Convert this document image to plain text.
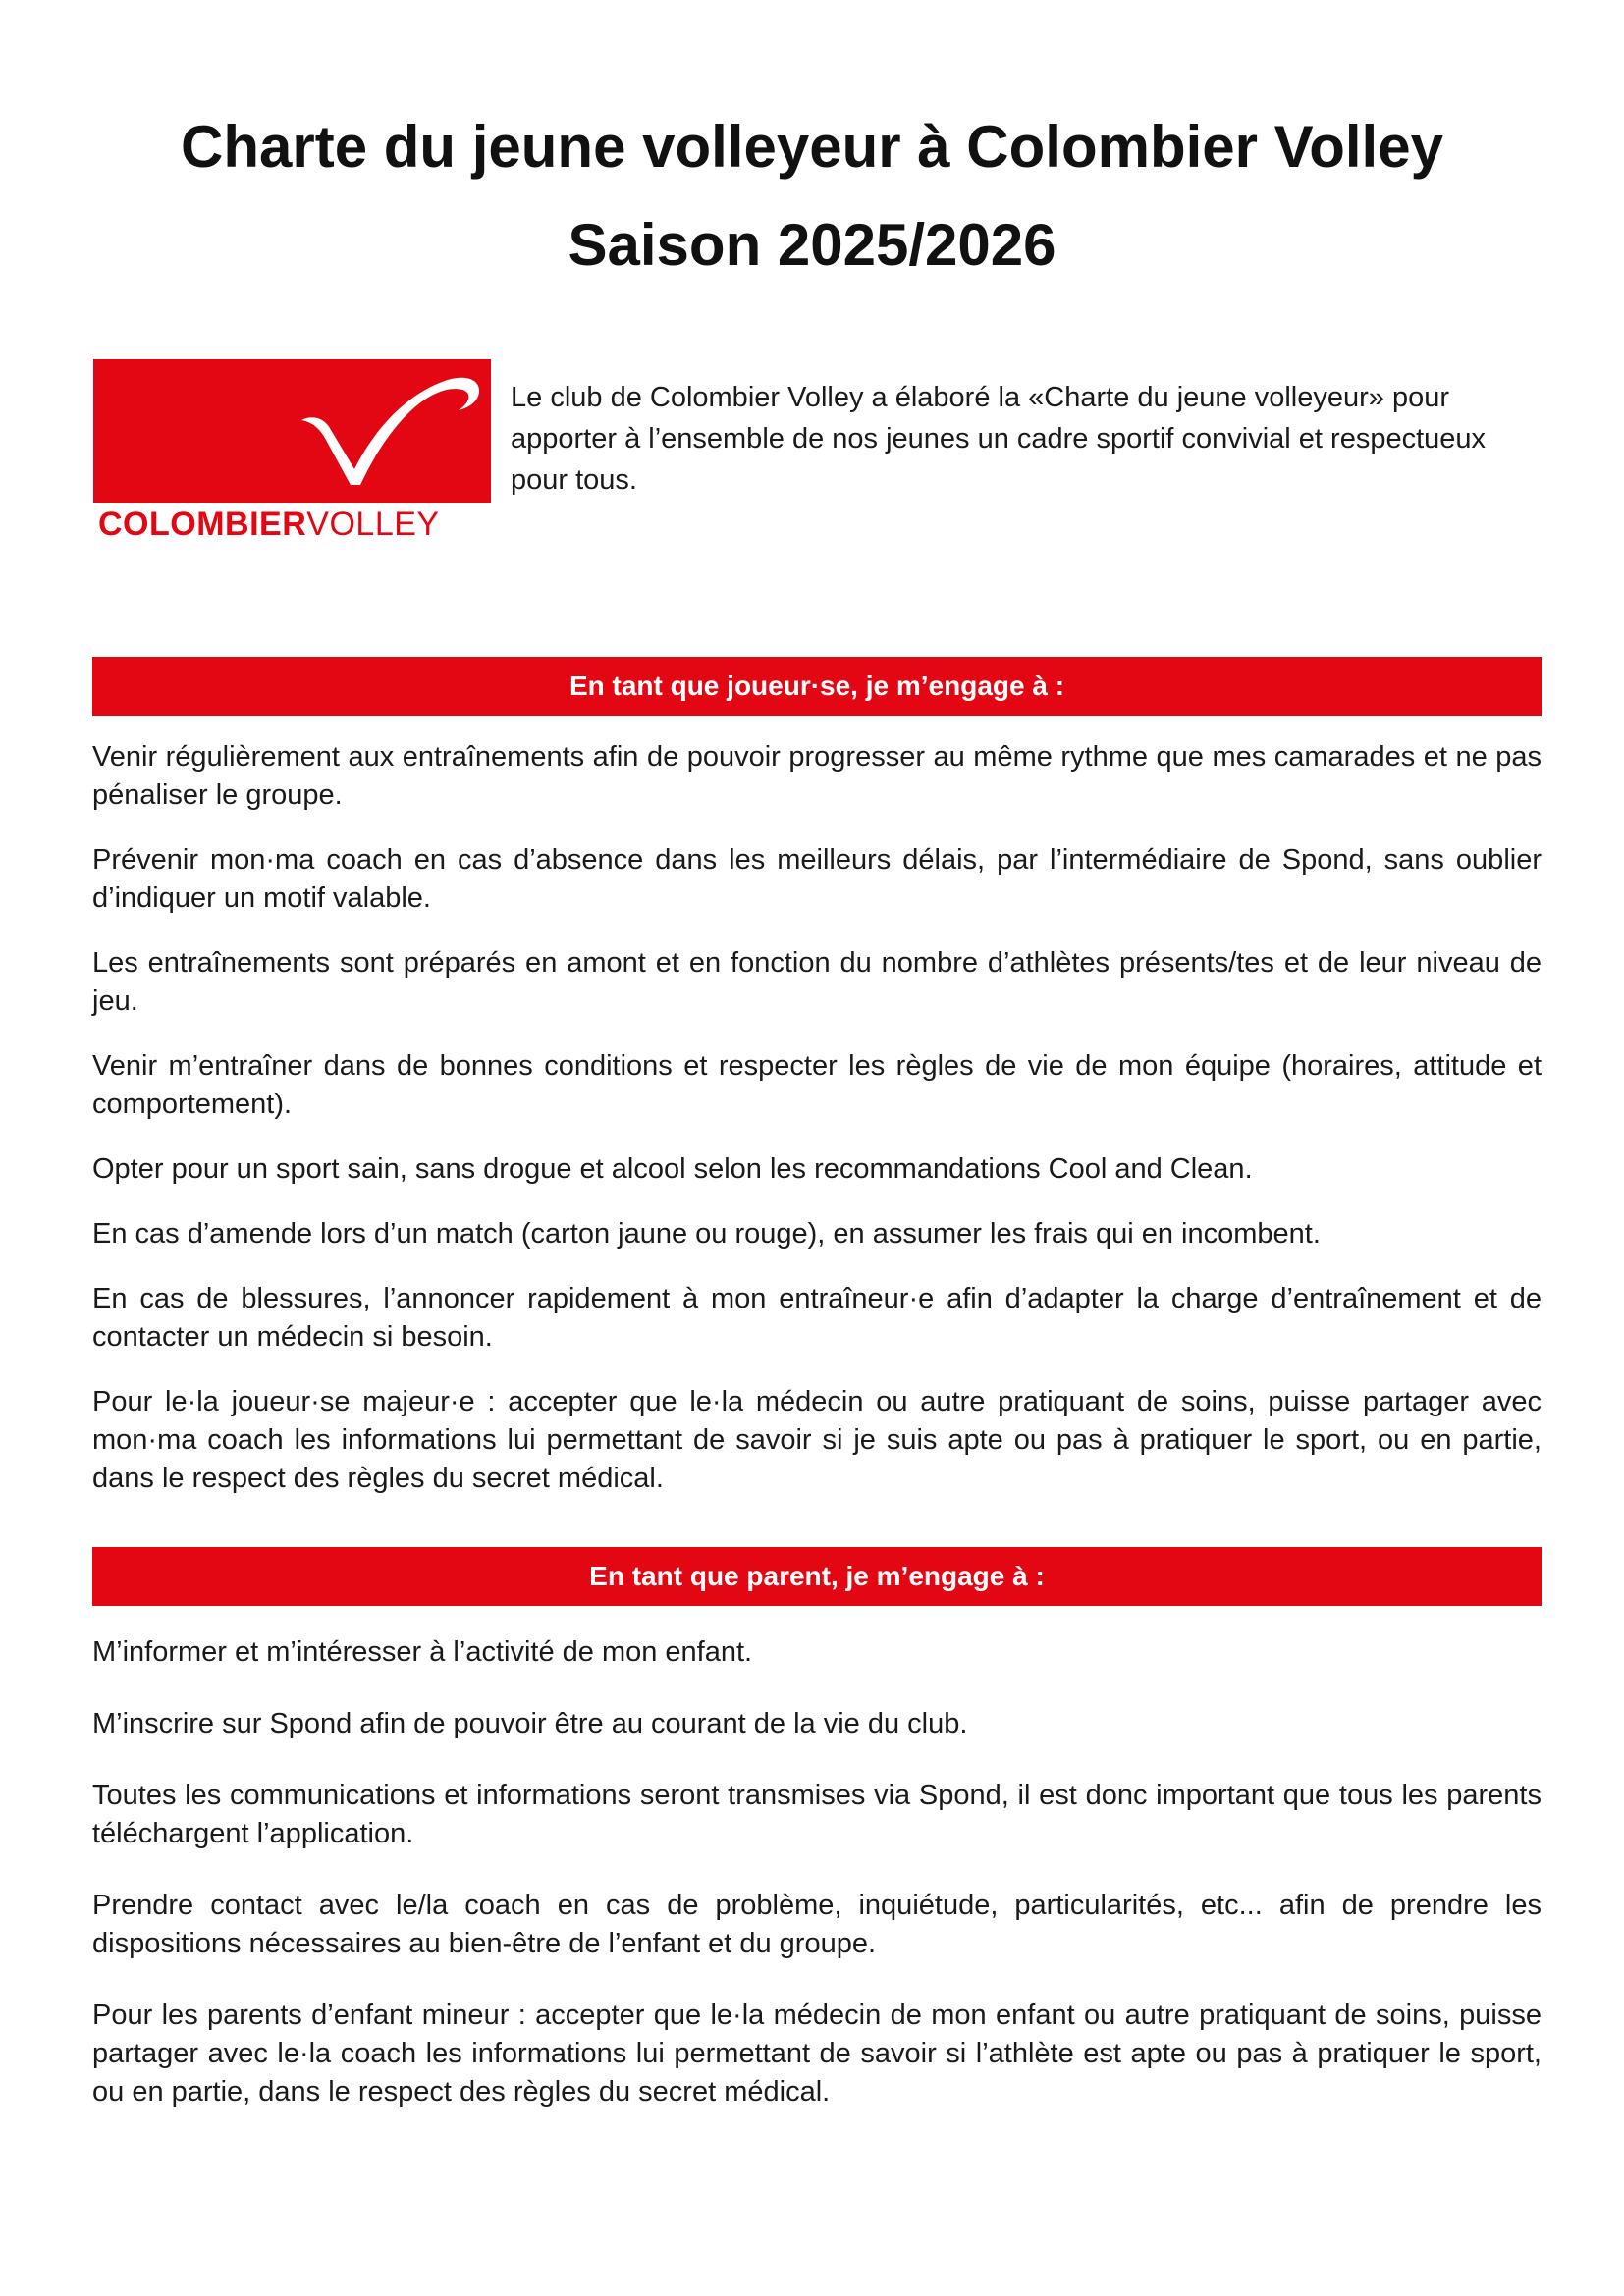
Charte du jeune volleyeur à Colombier Volley
Saison 2025/2026
COLOMBIERVOLLEY

Le club de Colombier Volley a élaboré la «Charte du jeune volleyeur» pour apporter à l’ensemble de nos jeunes un cadre sportif convivial et respectueux pour tous.

En tant que joueur·se, je m’engage à :

Venir régulièrement aux entraînements afin de pouvoir progresser au même rythme que mes camarades et ne pas pénaliser le groupe.

Prévenir mon·ma coach en cas d’absence dans les meilleurs délais, par l’intermédiaire de Spond, sans oublier d’indiquer un motif valable.

Les entraînements sont préparés en amont et en fonction du nombre d’athlètes présents/tes et de leur niveau de jeu.

Venir m’entraîner dans de bonnes conditions et respecter les règles de vie de mon équipe (horaires, attitude et comportement).

Opter pour un sport sain, sans drogue et alcool selon les recommandations Cool and Clean.

En cas d’amende lors d’un match (carton jaune ou rouge), en assumer les frais qui en incombent.

En cas de blessures, l’annoncer rapidement à mon entraîneur·e afin d’adapter la charge d’entraînement et de contacter un médecin si besoin.

Pour le·la joueur·se majeur·e : accepter que le·la médecin ou autre pratiquant de soins, puisse partager avec mon·ma coach les informations lui permettant de savoir si je suis apte ou pas à pratiquer le sport, ou en partie, dans le respect des règles du secret médical.

En tant que parent, je m’engage à :

M’informer et m’intéresser à l’activité de mon enfant.

M’inscrire sur Spond afin de pouvoir être au courant de la vie du club.

Toutes les communications et informations seront transmises via Spond, il est donc important que tous les parents téléchargent l’application.

Prendre contact avec le/la coach en cas de problème, inquiétude, particularités, etc... afin de prendre les dispositions nécessaires au bien-être de l’enfant et du groupe.

Pour les parents d’enfant mineur : accepter que le·la médecin de mon enfant ou autre pratiquant de soins, puisse partager avec le·la coach les informations lui permettant de savoir si l’athlète est apte ou pas à pratiquer le sport, ou en partie, dans le respect des règles du secret médical.
